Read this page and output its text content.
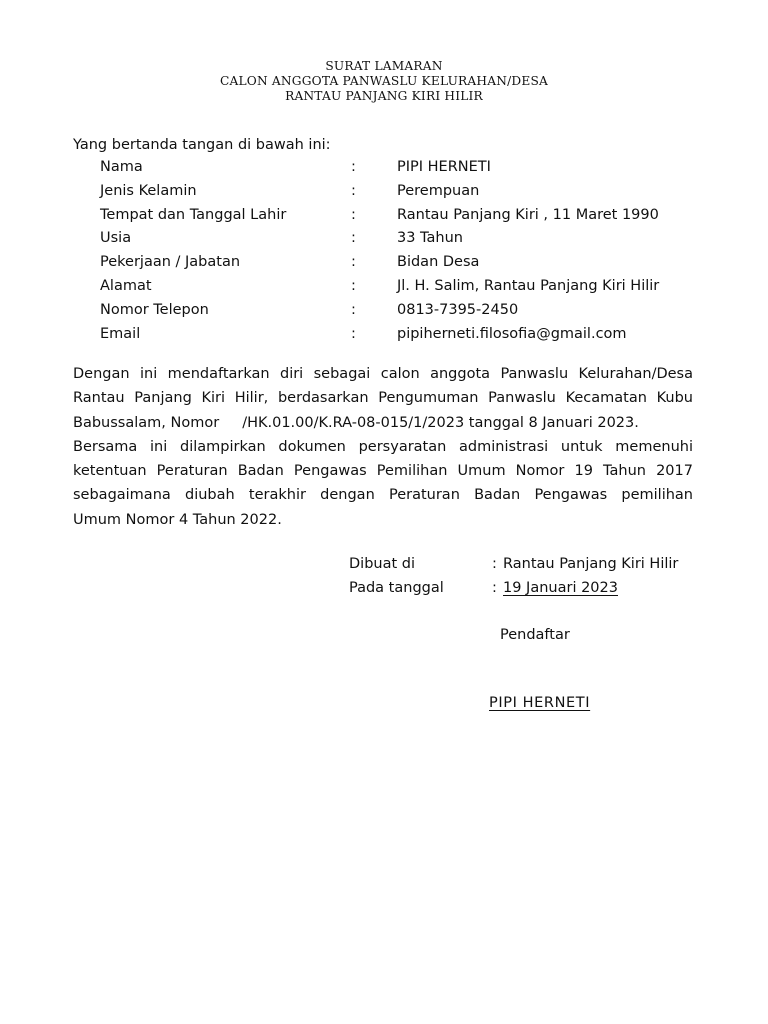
SURAT LAMARAN
CALON ANGGOTA PANWASLU KELURAHAN/DESA
RANTAU PANJANG KIRI HILIR
Yang bertanda tangan di bawah ini:
Nama	:	PIPI HERNETI
Jenis Kelamin	:	Perempuan
Tempat dan Tanggal Lahir	:	Rantau Panjang Kiri , 11 Maret 1990
Usia	:	33 Tahun
Pekerjaan / Jabatan	:	Bidan Desa
Alamat	:	Jl. H. Salim, Rantau Panjang Kiri Hilir
Nomor Telepon	:	0813-7395-2450
Email	:	pipiherneti.filosofia@gmail.com
Dengan ini mendaftarkan diri sebagai calon anggota Panwaslu Kelurahan/Desa
Rantau Panjang Kiri Hilir, berdasarkan Pengumuman Panwaslu Kecamatan Kubu
Babussalam, Nomor     /HK.01.00/K.RA-08-015/1/2023 tanggal 8 Januari 2023.
Bersama ini dilampirkan dokumen persyaratan administrasi untuk memenuhi
ketentuan Peraturan Badan Pengawas Pemilihan Umum Nomor 19 Tahun 2017
sebagaimana diubah terakhir dengan Peraturan Badan Pengawas pemilihan
Umum Nomor 4 Tahun 2022.
Dibuat di	: Rantau Panjang Kiri Hilir
Pada tanggal	: 19 Januari 2023
Pendaftar
PIPI HERNETI
